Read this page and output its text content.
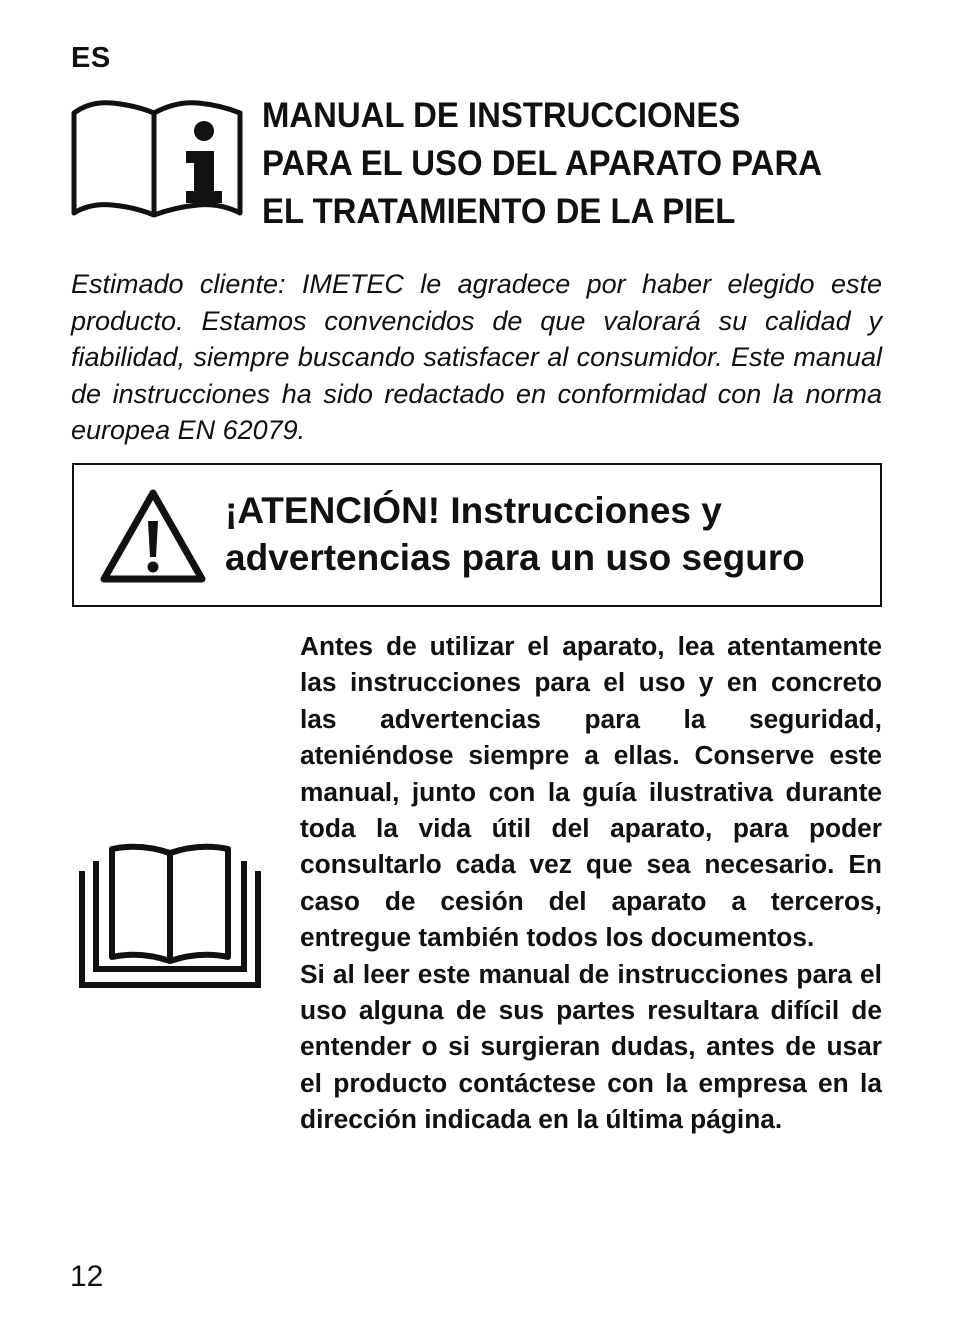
ES
MANUAL DE INSTRUCCIONES
PARA EL USO DEL APARATO PARA
EL TRATAMIENTO DE LA PIEL
Estimado cliente: IMETEC le agradece por haber elegido este producto. Estamos convencidos de que valorará su calidad y fiabilidad, siempre buscando satisfacer al consumidor. Este manual de instrucciones ha sido redactado en conformidad con la norma europea EN 62079.
¡ATENCIÓN! Instrucciones y
advertencias para un uso seguro

Antes de utilizar el aparato, lea atentamente las instrucciones para el uso y en concreto las advertencias para la seguridad, ateniéndose siempre a ellas. Conserve este manual, junto con la guía ilustrativa durante toda la vida útil del aparato, para poder consultarlo cada vez que sea necesario. En caso de cesión del aparato a terceros, entregue también todos los documentos.

Si al leer este manual de instrucciones para el uso alguna de sus partes resultara difícil de entender o si surgieran dudas, antes de usar el producto contáctese con la empresa en la dirección indicada en la última página.

12
